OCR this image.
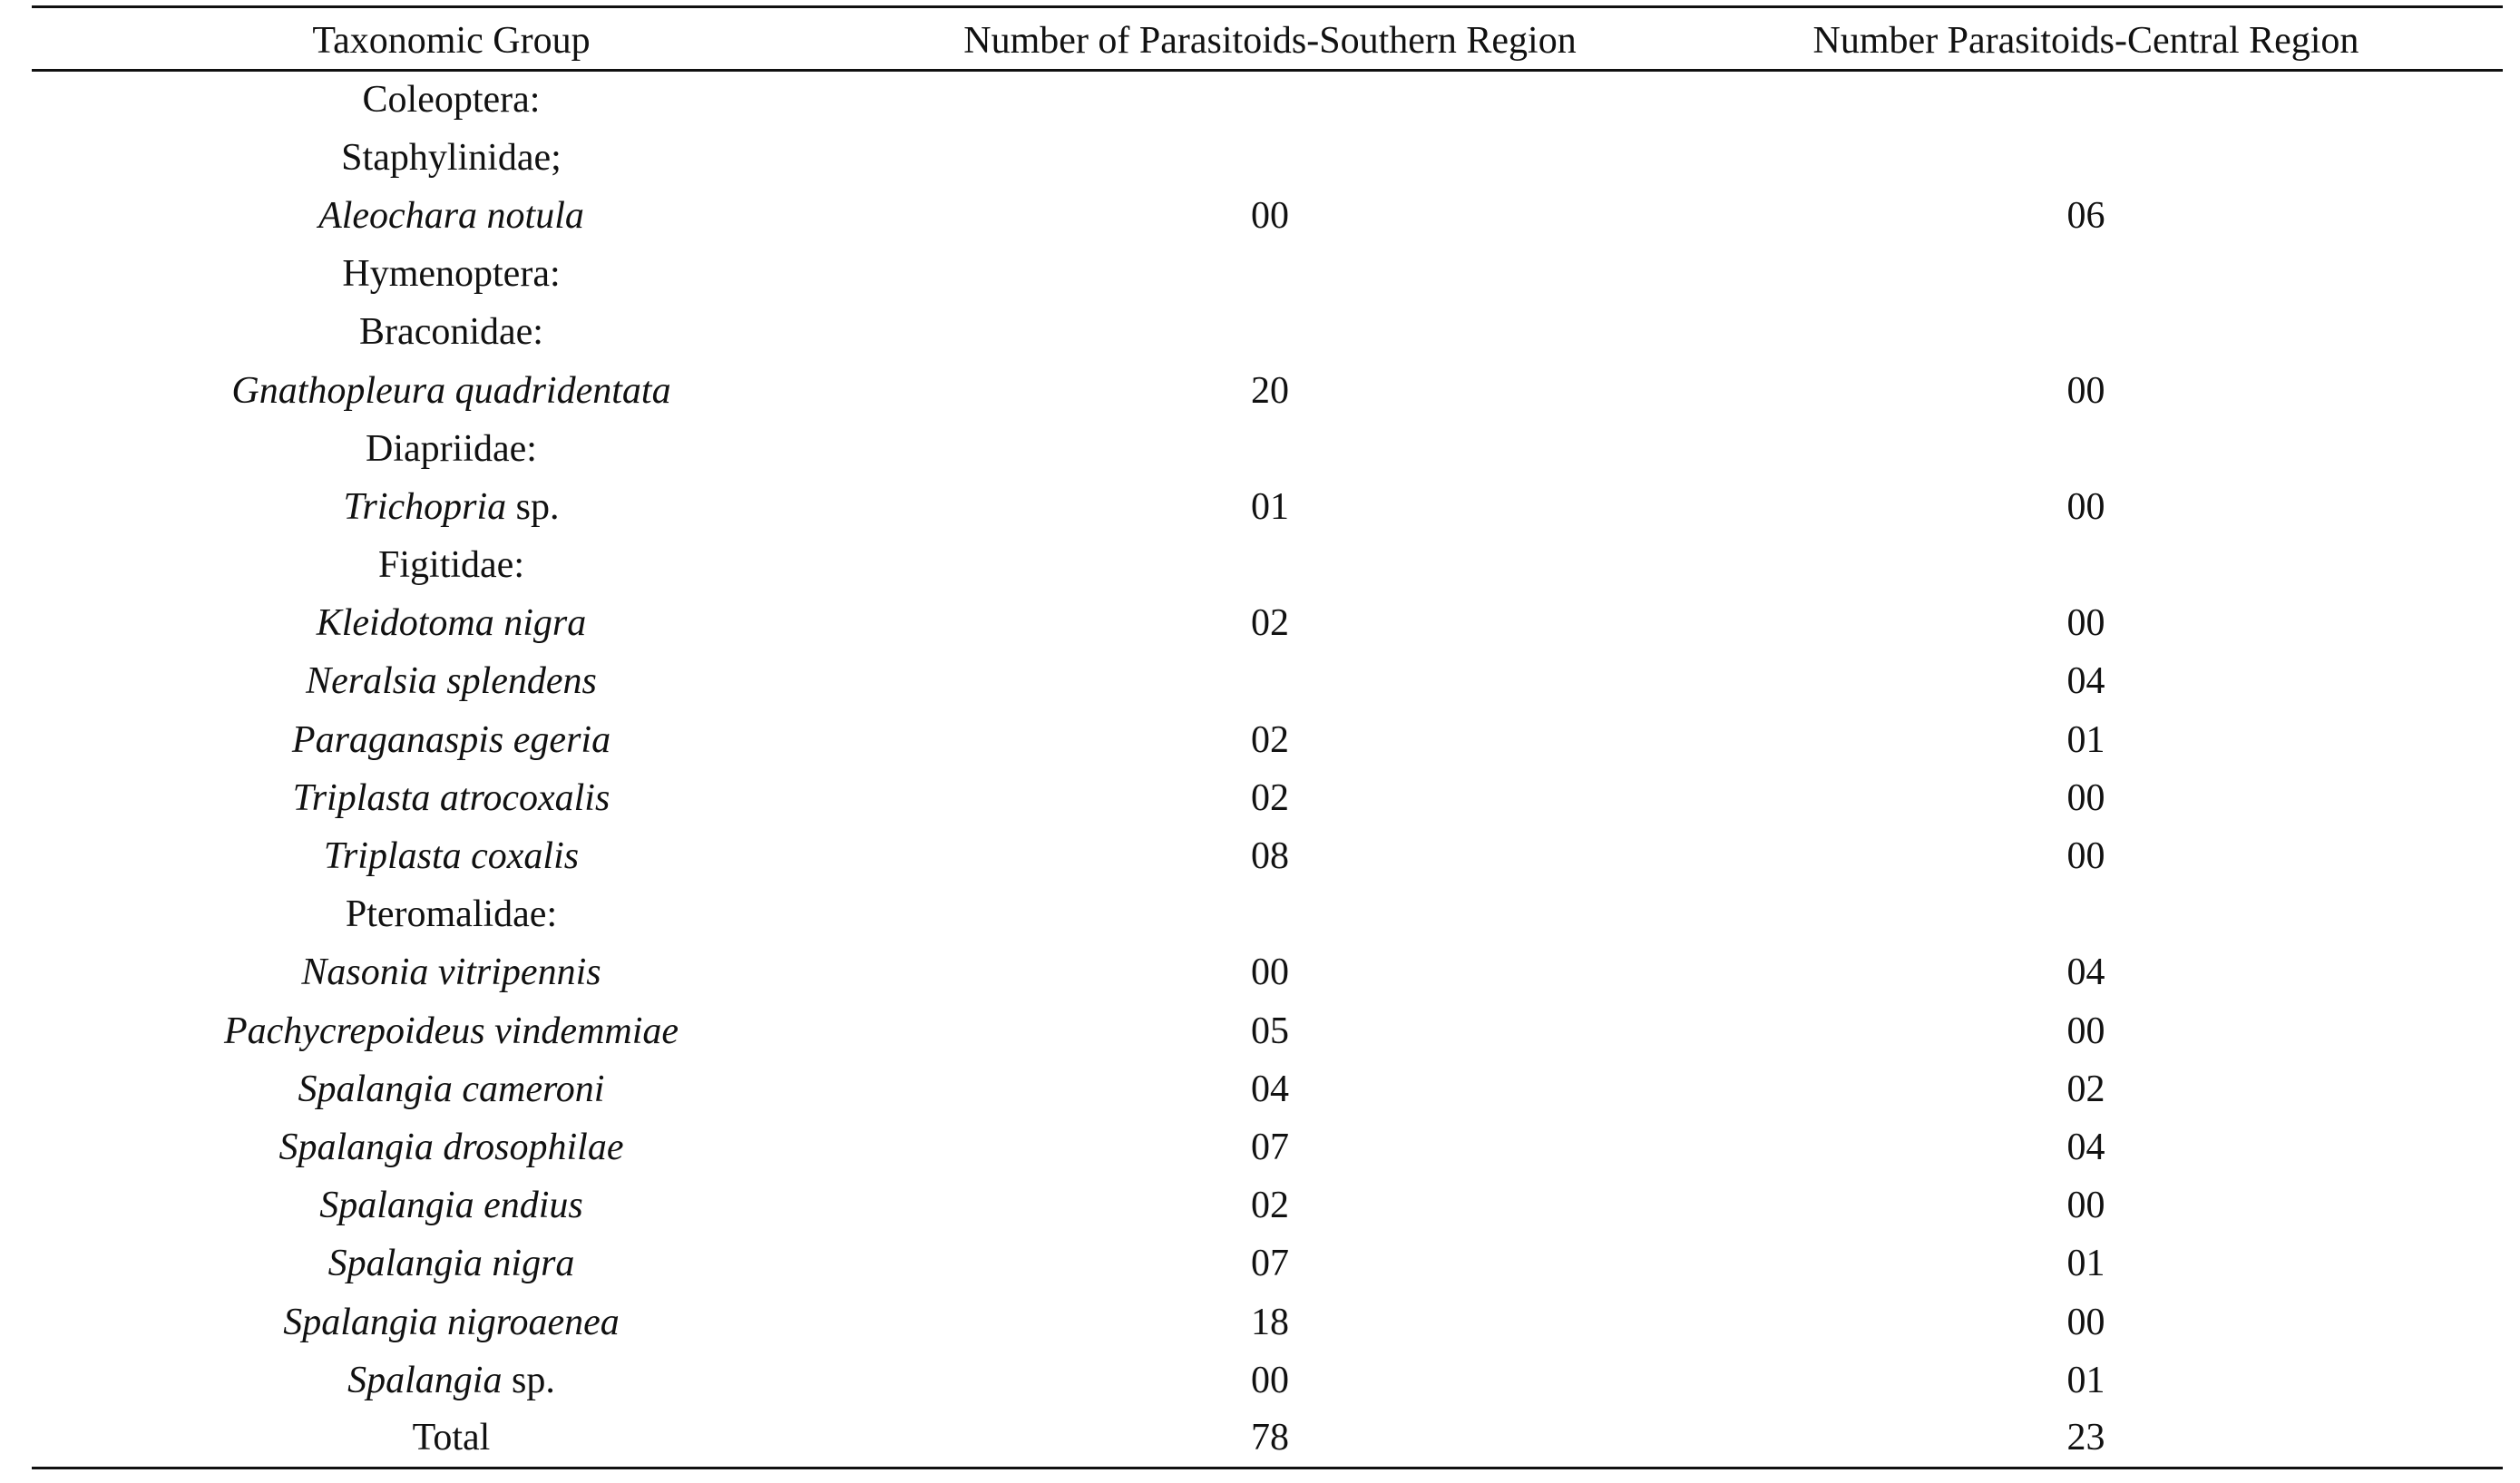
Taxonomic Group	Number of Parasitoids-Southern Region	Number Parasitoids-Central Region
Coleoptera:		
Staphylinidae;		
Aleochara notula	00	06
Hymenoptera:		
Braconidae:		
Gnathopleura quadridentata	20	00
Diapriidae:		
Trichopria sp.	01	00
Figitidae:		
Kleidotoma nigra	02	00
Neralsia splendens		04
Paraganaspis egeria	02	01
Triplasta atrocoxalis	02	00
Triplasta coxalis	08	00
Pteromalidae:		
Nasonia vitripennis	00	04
Pachycrepoideus vindemmiae	05	00
Spalangia cameroni	04	02
Spalangia drosophilae	07	04
Spalangia endius	02	00
Spalangia nigra	07	01
Spalangia nigroaenea	18	00
Spalangia sp.	00	01
Total	78	23
